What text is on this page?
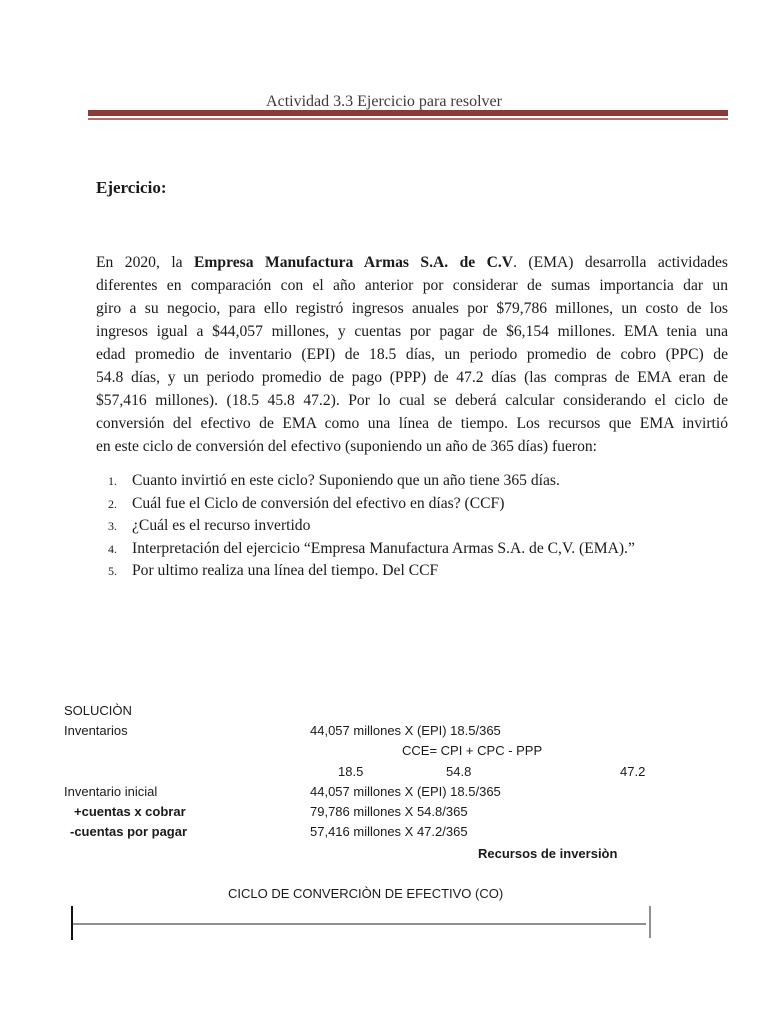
Actividad 3.3 Ejercicio para resolver
Ejercicio:
En 2020, la Empresa Manufactura Armas S.A. de C.V. (EMA) desarrolla actividades
diferentes en comparación con el año anterior por considerar de sumas importancia dar un
giro a su negocio, para ello registró ingresos anuales por $79,786 millones, un costo de los
ingresos igual a $44,057 millones, y cuentas por pagar de $6,154 millones. EMA tenia una
edad promedio de inventario (EPI) de 18.5 días, un periodo promedio de cobro (PPC) de
54.8 días, y un periodo promedio de pago (PPP) de 47.2 días (las compras de EMA eran de
$57,416 millones). (18.5 45.8 47.2). Por lo cual se deberá calcular considerando el ciclo de
conversión del efectivo de EMA como una línea de tiempo. Los recursos que EMA invirtió
en este ciclo de conversión del efectivo (suponiendo un año de 365 días) fueron:
1. Cuanto invirtió en este ciclo? Suponiendo que un año tiene 365 días.
2. Cuál fue el Ciclo de conversión del efectivo en días? (CCF)
3. ¿Cuál es el recurso invertido
4. Interpretación del ejercicio “Empresa Manufactura Armas S.A. de C,V. (EMA).”
5. Por ultimo realiza una línea del tiempo. Del CCF
SOLUCIÒN
Inventarios	44,057 millones X (EPI) 18.5/365
CCE= CPI + CPC - PPP
18.5	54.8	47.2
Inventario inicial	44,057 millones X (EPI) 18.5/365
+cuentas x cobrar	79,786 millones X 54.8/365
-cuentas por pagar	57,416 millones X 47.2/365
Recursos de inversiòn
CICLO DE CONVERCIÒN DE EFECTIVO (CO)
